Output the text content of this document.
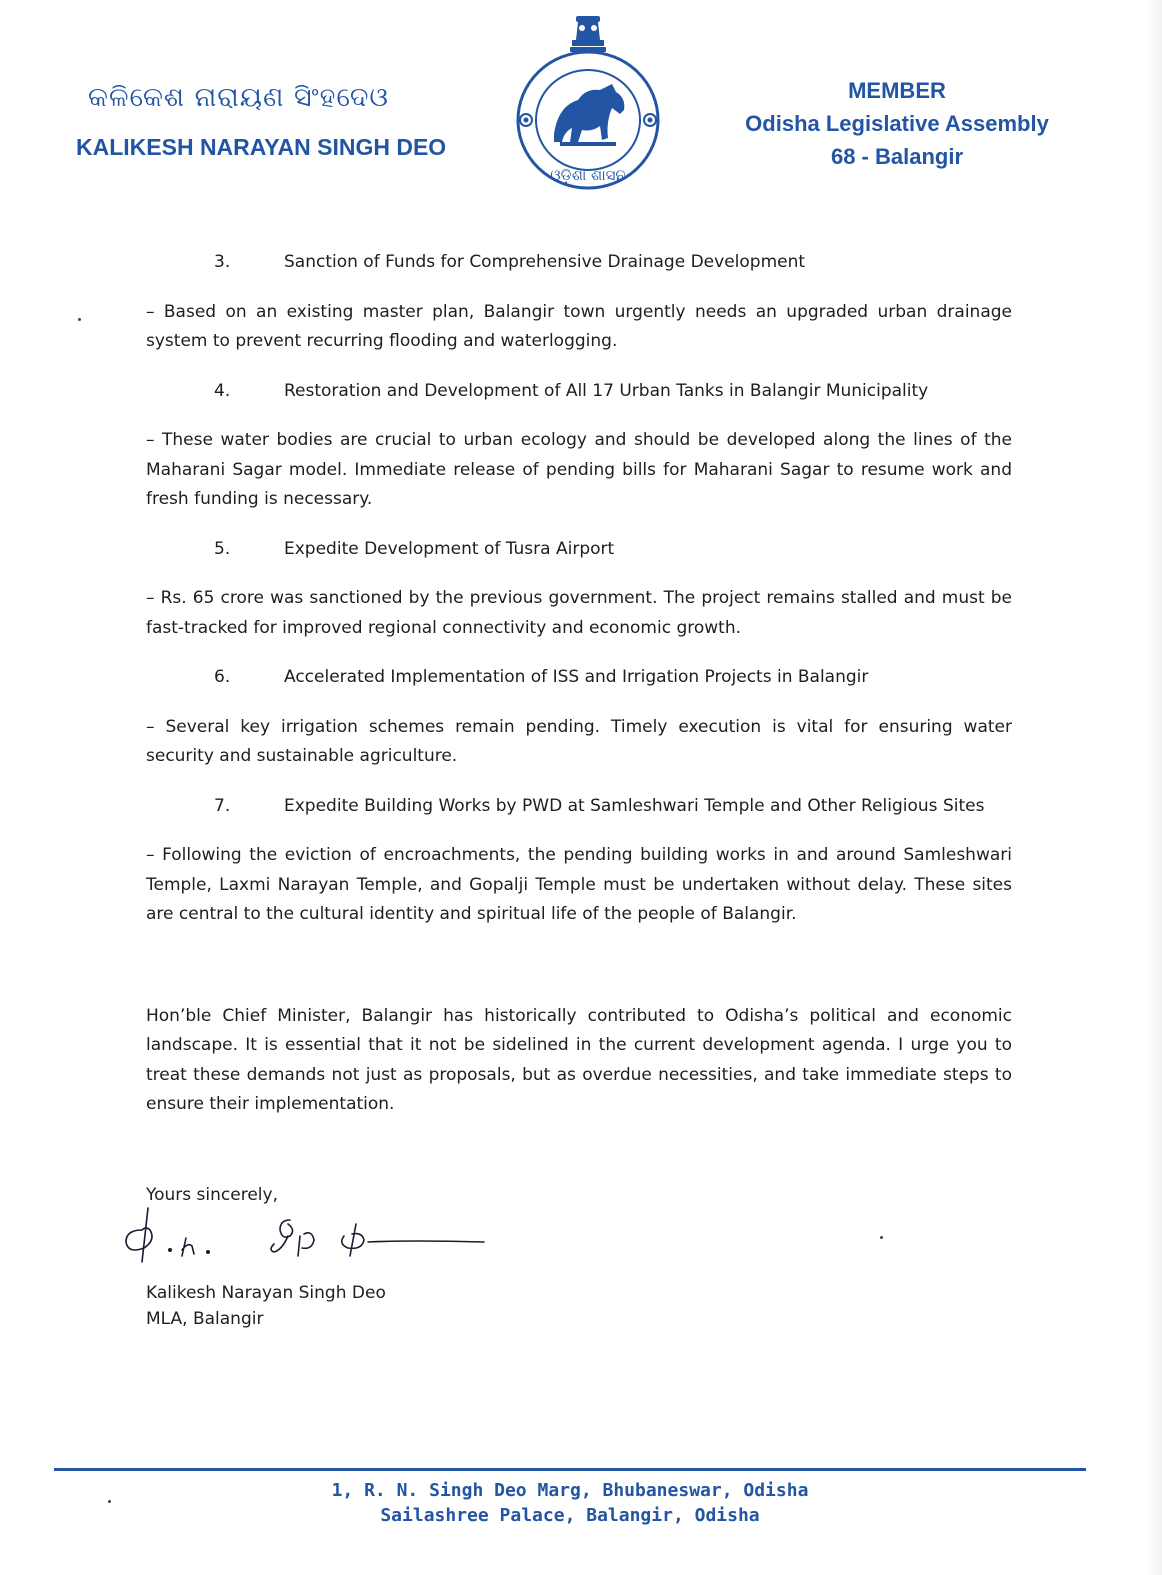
କଳିକେଶ ନାରାୟଣ ସିଂହଦେଓ
KALIKESH NARAYAN SINGH DEO
ଓଡ଼ିଶା ଶାସନ
MEMBER
Odisha Legislative Assembly
68 - Balangir
3.	Sanction of Funds for Comprehensive Drainage Development
– Based on an existing master plan, Balangir town urgently needs an upgraded urban drainage system to prevent recurring flooding and waterlogging.
4.	Restoration and Development of All 17 Urban Tanks in Balangir Municipality
– These water bodies are crucial to urban ecology and should be developed along the lines of the Maharani Sagar model. Immediate release of pending bills for Maharani Sagar to resume work and fresh funding is necessary.
5.	Expedite Development of Tusra Airport
– Rs. 65 crore was sanctioned by the previous government. The project remains stalled and must be fast-tracked for improved regional connectivity and economic growth.
6.	Accelerated Implementation of ISS and Irrigation Projects in Balangir
– Several key irrigation schemes remain pending. Timely execution is vital for ensuring water security and sustainable agriculture.
7.	Expedite Building Works by PWD at Samleshwari Temple and Other Religious Sites
– Following the eviction of encroachments, the pending building works in and around Samleshwari Temple, Laxmi Narayan Temple, and Gopalji Temple must be undertaken without delay. These sites are central to the cultural identity and spiritual life of the people of Balangir.
Hon’ble Chief Minister, Balangir has historically contributed to Odisha’s political and economic landscape. It is essential that it not be sidelined in the current development agenda. I urge you to treat these demands not just as proposals, but as overdue necessities, and take immediate steps to ensure their implementation.
Yours sincerely,
Kalikesh Narayan Singh Deo
MLA, Balangir
1, R. N. Singh Deo Marg, Bhubaneswar, Odisha
Sailashree Palace, Balangir, Odisha
